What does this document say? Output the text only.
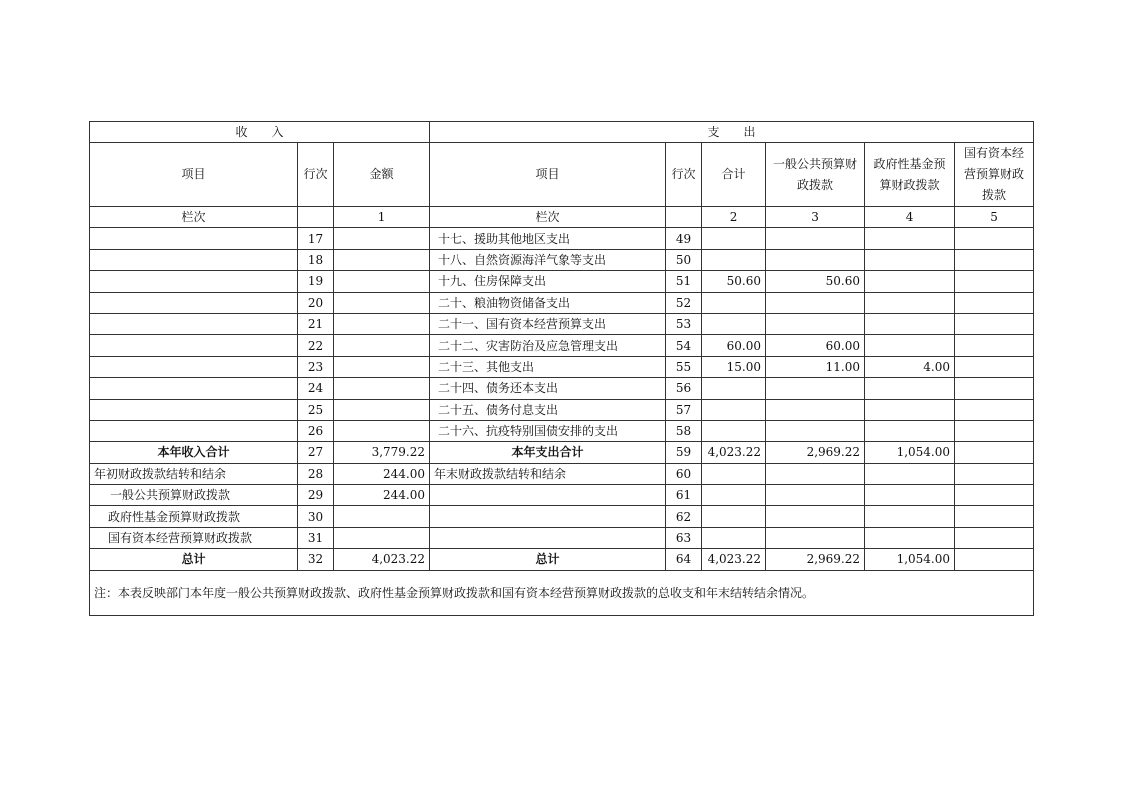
收　　入			支　　出					
项目	行次	金额	项目	行次	合计	一般公共预算财政拨款	政府性基金预算财政拨款	国有资本经营预算财政拨款
栏次		1	栏次		2	3	4	5
	17		十七、援助其他地区支出	49				
	18		十八、自然资源海洋气象等支出	50				
	19		十九、住房保障支出	51	50.60	50.60		
	20		二十、粮油物资储备支出	52				
	21		二十一、国有资本经营预算支出	53				
	22		二十二、灾害防治及应急管理支出	54	60.00	60.00		
	23		二十三、其他支出	55	15.00	11.00	4.00	
	24		二十四、债务还本支出	56				
	25		二十五、债务付息支出	57				
	26		二十六、抗疫特别国债安排的支出	58				
本年收入合计	27	3,779.22	本年支出合计	59	4,023.22	2,969.22	1,054.00	
年初财政拨款结转和结余	28	244.00	年末财政拨款结转和结余	60				
一般公共预算财政拨款	29	244.00		61				
政府性基金预算财政拨款	30			62				
国有资本经营预算财政拨款	31			63				
总计	32	4,023.22	总计	64	4,023.22	2,969.22	1,054.00	
注：本表反映部门本年度一般公共预算财政拨款、政府性基金预算财政拨款和国有资本经营预算财政拨款的总收支和年末结转结余情况。								
